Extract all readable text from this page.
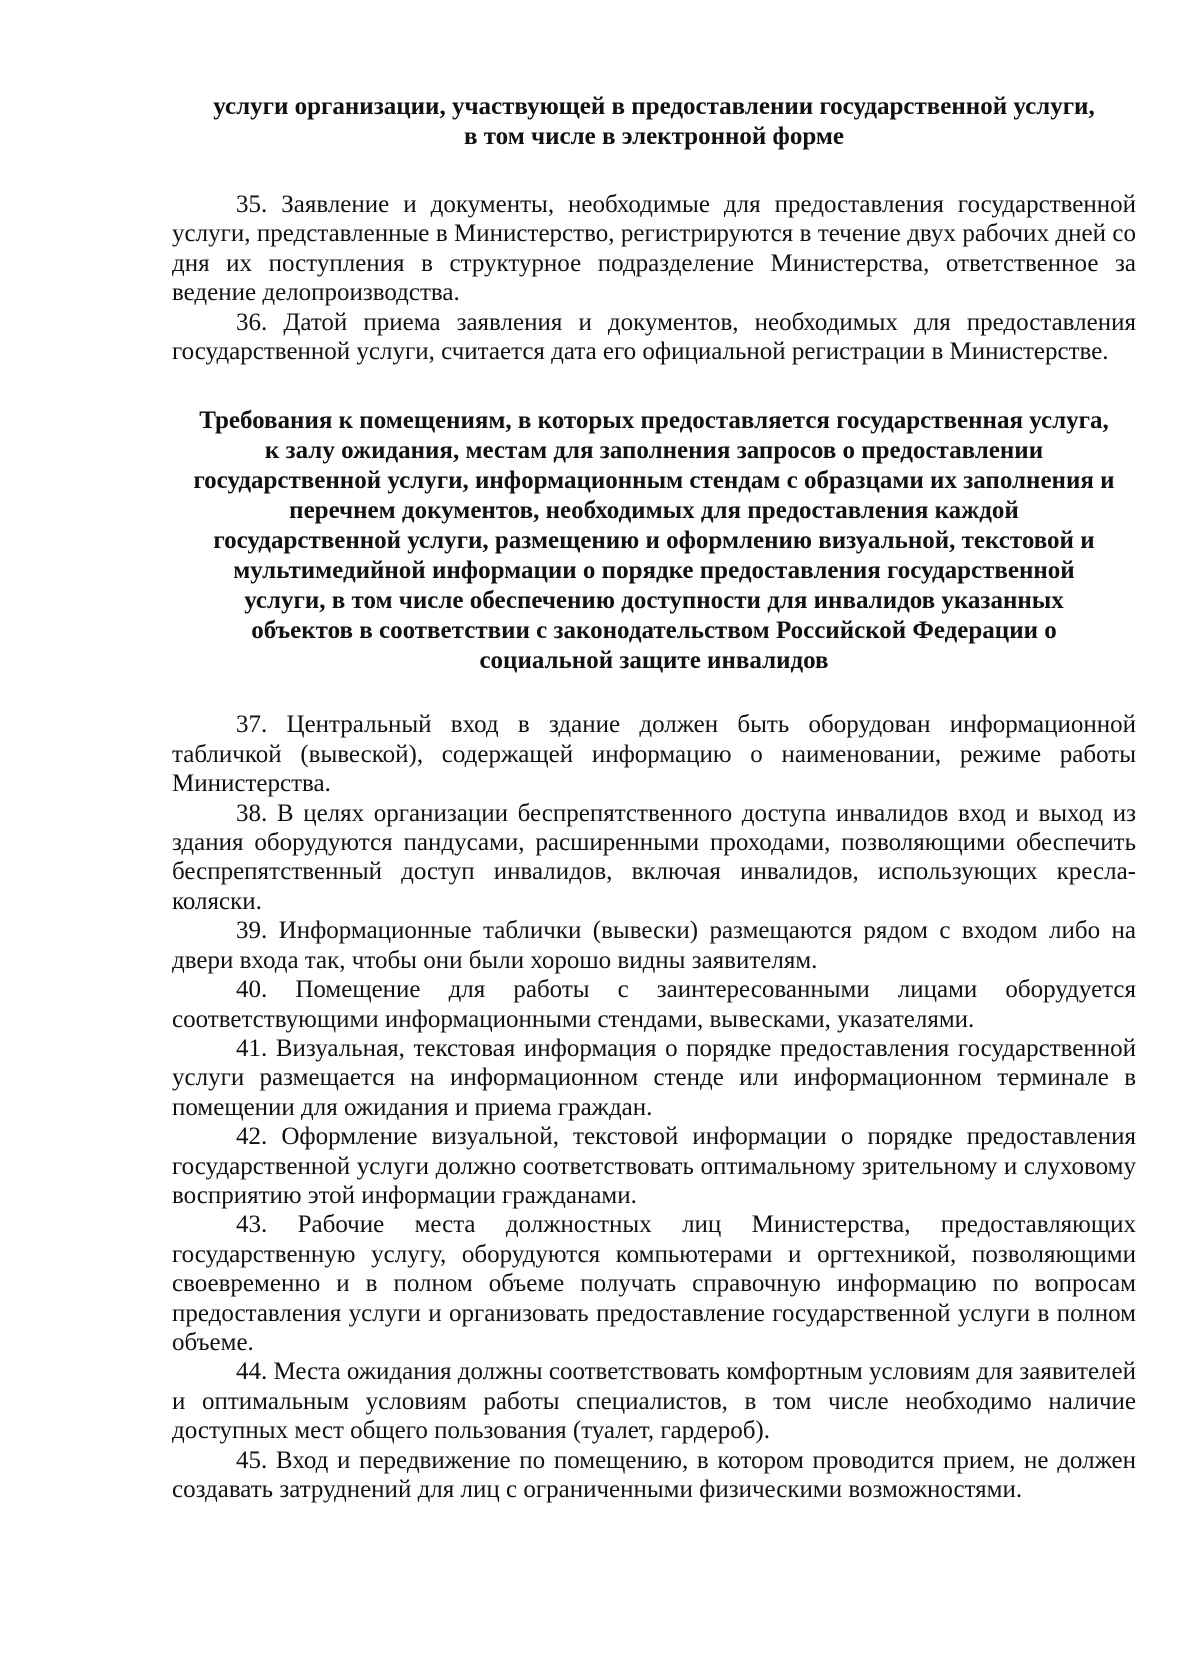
услуги организации, участвующей в предоставлении государственной услуги,
в том числе в электронной форме

35. Заявление и документы, необходимые для предоставления государственной услуги, представленные в Министерство, регистрируются в течение двух рабочих дней со дня их поступления в структурное подразделение Министерства, ответственное за ведение делопроизводства.

36. Датой приема заявления и документов, необходимых для предоставления государственной услуги, считается дата его официальной регистрации в Министерстве.

Требования к помещениям, в которых предоставляется государственная услуга,
к залу ожидания, местам для заполнения запросов о предоставлении
государственной услуги, информационным стендам с образцами их заполнения и
перечнем документов, необходимых для предоставления каждой
государственной услуги, размещению и оформлению визуальной, текстовой и
мультимедийной информации о порядке предоставления государственной
услуги, в том числе обеспечению доступности для инвалидов указанных
объектов в соответствии с законодательством Российской Федерации о
социальной защите инвалидов

37. Центральный вход в здание должен быть оборудован информационной табличкой (вывеской), содержащей информацию о наименовании, режиме работы Министерства.

38. В целях организации беспрепятственного доступа инвалидов вход и выход из здания оборудуются пандусами, расширенными проходами, позволяющими обеспечить беспрепятственный доступ инвалидов, включая инвалидов, использующих кресла-коляски.

39. Информационные таблички (вывески) размещаются рядом с входом либо на двери входа так, чтобы они были хорошо видны заявителям.

40. Помещение для работы с заинтересованными лицами оборудуется соответствующими информационными стендами, вывесками, указателями.

41. Визуальная, текстовая информация о порядке предоставления государственной услуги размещается на информационном стенде или информационном терминале в помещении для ожидания и приема граждан.

42. Оформление визуальной, текстовой информации о порядке предоставления государственной услуги должно соответствовать оптимальному зрительному и слуховому восприятию этой информации гражданами.

43. Рабочие места должностных лиц Министерства, предоставляющих государственную услугу, оборудуются компьютерами и оргтехникой, позволяющими своевременно и в полном объеме получать справочную информацию по вопросам предоставления услуги и организовать предоставление государственной услуги в полном объеме.

44. Места ожидания должны соответствовать комфортным условиям для заявителей и оптимальным условиям работы специалистов, в том числе необходимо наличие доступных мест общего пользования (туалет, гардероб).

45. Вход и передвижение по помещению, в котором проводится прием, не должен создавать затруднений для лиц с ограниченными физическими возможностями.
